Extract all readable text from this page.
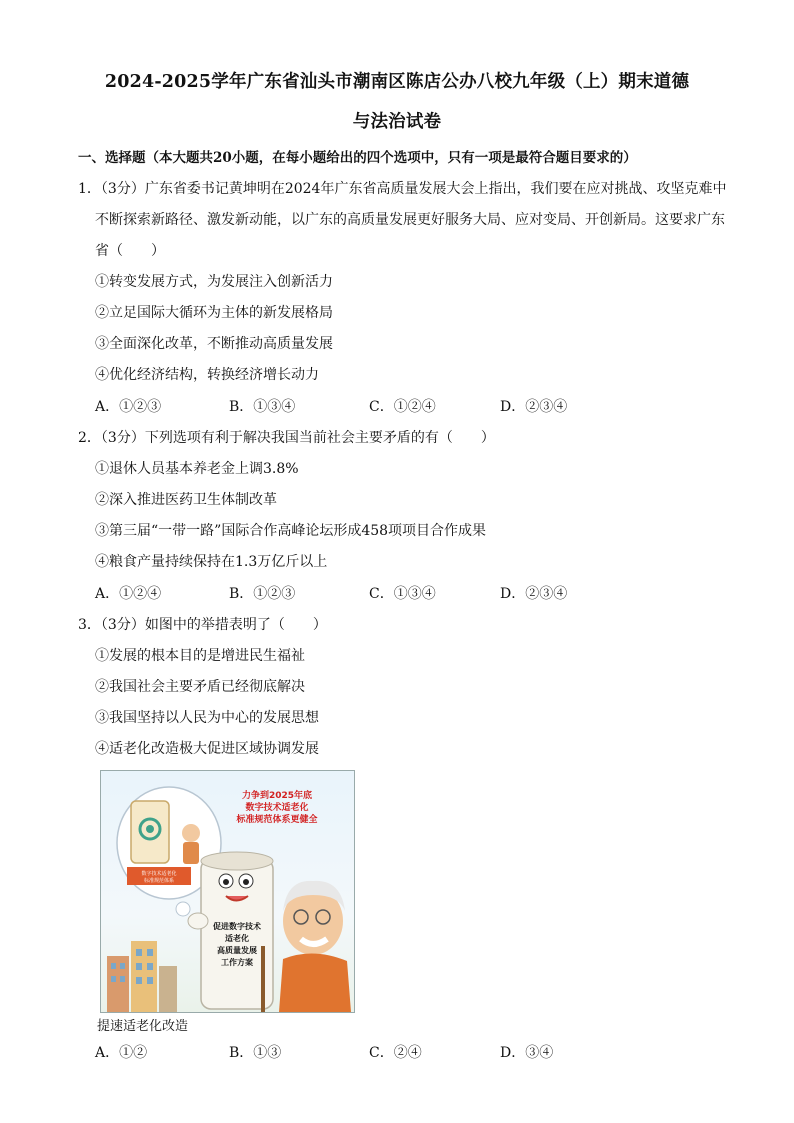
2024-2025学年广东省汕头市潮南区陈店公办八校九年级（上）期末道德
与法治试卷
一、选择题（本大题共20小题，在每小题给出的四个选项中，只有一项是最符合题目要求的）
1．（3分）广东省委书记黄坤明在2024年广东省高质量发展大会上指出，我们要在应对挑战、攻坚克难中
不断探索新路径、激发新动能，以广东的高质量发展更好服务大局、应对变局、开创新局。这要求广东
省（　　）
①转变发展方式，为发展注入创新活力
②立足国际大循环为主体的新发展格局
③全面深化改革，不断推动高质量发展
④优化经济结构，转换经济增长动力
A．①②③	B．①③④	C．①②④	D．②③④
2．（3分）下列选项有利于解决我国当前社会主要矛盾的有（　　）
①退休人员基本养老金上调3.8%
②深入推进医药卫生体制改革
③第三届“一带一路”国际合作高峰论坛形成458项项目合作成果
④粮食产量持续保持在1.3万亿斤以上
A．①②④	B．①②③	C．①③④	D．②③④
3．（3分）如图中的举措表明了（　　）
①发展的根本目的是增进民生福祉
②我国社会主要矛盾已经彻底解决
③我国坚持以人民为中心的发展思想
④适老化改造极大促进区域协调发展
数字技术适老化
标准规范体系
力争到2025年底
数字技术适老化
标准规范体系更健全
促进数字技术
适老化
高质量发展
工作方案
提速适老化改造
A．①②	B．①③	C．②④	D．③④
